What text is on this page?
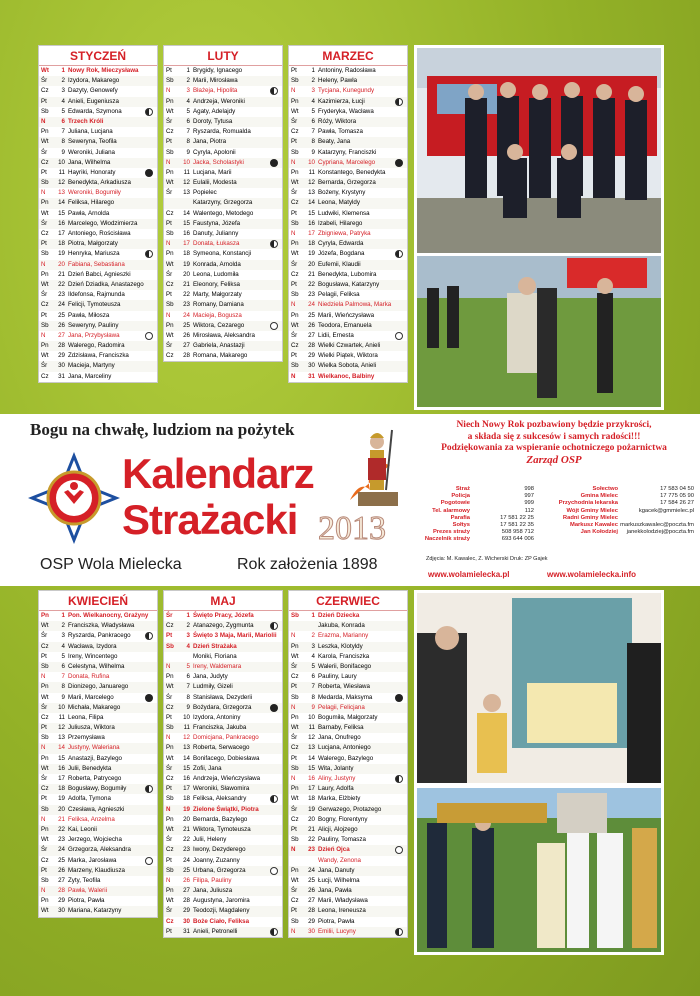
STYCZEŃ
Wt 1 Nowy Rok, Mieczysława
Śr 2 Izydora, Makarego
Cz 3 Dazyty, Genowefy
Pt 4 Anieli, Eugeniusza
Sb 5 Edwarda, Szymona
N	6 Trzech Króli
Pn 7 Juliana, Lucjana
Wt 8 Seweryna, Teofila
Śr 9 Weroniki, Juliana
Cz 10 Jana, Wilhelma
Pt 11 Hayriki, Honoraty
Sb 12 Benedykta, Arkadiusza
N 13 Weroniki, Bogumiły
Pn 14 Feliksa, Hilarego
Wt 15 Pawła, Arnolda
Śr 16 Marcelego, Włodzimierza
Cz 17 Antoniego, Rościsława
Pt 18 Piotra, Małgorzaty
Sb 19 Henryka, Mariusza
N 20 Fabiana, Sebastiana
Pn 21 Dzień Babci, Agnieszki
Wt 22 Dzień Dziadka, Anastazego
Śr 23 Ildefonsa, Rajmunda
Cz 24 Felicji, Tymoteusza
Pt 25 Pawła, Miłosza
Sb 26 Seweryny, Pauliny
N 27 Jana, Przybysława
Pn 28 Walerego, Radomira
Wt 29 Zdzisława, Franciszka
Śr 30 Macieja, Martyny
Cz 31 Jana, Marceliny
LUTY
Pt 1 Brygidy, Ignacego
Sb 2 Marii, Mirosława
N	3 Błażeja, Hipolita
Pn 4 Andrzeja, Weroniki
Wt 5 Agaty, Adelajdy
Śr 6 Doroty, Tytusa
Cz 7 Ryszarda, Romualda
Pt 8 Jana, Piotra
Sb 9 Cyryla, Apolonii
N 10 Jacka, Scholastyki
Pn 11 Lucjana, Marii
Wt 12 Eulalii, Modesta
Śr 13 Popielec
Katarzyny, Grzegorza
Cz 14 Walentego, Metodego
Pt 15 Faustyna, Józefa
Sb 16 Danuty, Julianny
N 17 Donata, Łukasza
Pn 18 Symeona, Konstancji
Wt 19 Konrada, Arnolda
Śr 20 Leona, Ludomiła
Cz 21 Eleonory, Feliksa
Pt 22 Marty, Małgorzaty
Sb 23 Romany, Damiana
N 24 Macieja, Bogusza
Pn 25 Wiktora, Cezarego
Wt 26 Mirosława, Aleksandra
Śr 27 Gabriela, Anastazji
Cz 28 Romana, Makarego
MARZEC
Pt 1 Antoniny, Radosława
Sb 2 Heleny, Pawła
N	3 Tycjana, Kunegundy
Pn 4 Kazimierza, Łucji
Wt 5 Fryderyka, Wacława
Śr 6 Róży, Wiktora
Cz 7 Pawła, Tomasza
Pt 8 Beaty, Jana
Sb 9 Katarzyny, Franciszki
N 10 Cypriana, Marcelego
Pn 11 Konstantego, Benedykta
Wt 12 Bernarda, Grzegorza
Śr 13 Bożeny, Krystyny
Cz 14 Leona, Matyldy
Pt 15 Ludwiki, Klemensa
Sb 16 Izabeli, Hilarego
N 17 Zbigniewa, Patryka
Pn 18 Cyryla, Edwarda
Wt 19 Józefa, Bogdana
Śr 20 Eufemii, Klaudii
Cz 21 Benedykta, Lubomira
Pt 22 Bogusława, Katarzyny
Sb 23 Pelagii, Feliksa
N 24 Niedziela Palmowa, Marka
Pn 25 Marii, Wieńczysława
Wt 26 Teodora, Emanuela
Śr 27 Lidii, Ernesta
Cz 28 Wielki Czwartek, Anieli
Pt 29 Wielki Piątek, Wiktora
Sb 30 Wielka Sobota, Anieli
N 31 Wielkanoc, Balbiny
KWIECIEŃ
Pn 1 Pon. Wielkanocny, Grażyny
Wt 2 Franciszka, Władysława
Śr 3 Ryszarda, Pankracego
Cz 4 Wacława, Izydora
Pt 5 Ireny, Wincentego
Sb 6 Celestyna, Wilhelma
N	7 Donata, Rufina
Pn 8 Dionizego, Januarego
Wt 9 Marii, Marcelego
Śr 10 Michała, Makarego
Cz 11 Leona, Filipa
Pt 12 Juliusza, Wiktora
Sb 13 Przemysława
N 14 Justyny, Waleriana
Pn 15 Anastazji, Bazylego
Wt 16 Julii, Benedykta
Śr 17 Roberta, Patrycego
Cz 18 Bogusławy, Bogumiły
Pt 19 Adolfa, Tymona
Sb 20 Czesława, Agnieszki
N 21 Feliksa, Anzelma
Pn 22 Kai, Leonii
Wt 23 Jerzego, Wojciecha
Śr 24 Grzegorza, Aleksandra
Cz 25 Marka, Jarosława
Pt 26 Marzeny, Klaudiusza
Sb 27 Zyty, Teofila
N 28 Pawła, Walerii
Pn 29 Piotra, Pawła
Wt 30 Mariana, Katarzyny
MAJ
Śr 1 Święto Pracy, Józefa
Cz 2 Atanazego, Zygmunta
Pt 3 Święto 3 Maja, Marii, Mariolii
Sb 4 Dzień Strażaka
Moniki, Floriana
N	5 Ireny, Waldemara
Pn 6 Jana, Judyty
Wt 7 Ludmiły, Gizeli
Śr 8 Stanisława, Dezyderii
Cz 9 Bożydara, Grzegorza
Pt 10 Izydora, Antoniny
Sb 11 Franciszka, Jakuba
N 12 Domicjana, Pankracego
Pn 13 Roberta, Serwacego
Wt 14 Bonifacego, Dobiesława
Śr 15 Zofii, Jana
Cz 16 Andrzeja, Wieńczysława
Pt 17 Weroniki, Sławomira
Sb 18 Feliksa, Aleksandry
N 19 Zielone Świątki, Piotra
Pn 20 Bernarda, Bazylego
Wt 21 Wiktora, Tymoteusza
Śr 22 Julii, Heleny
Cz 23 Iwony, Dezyderego
Pt 24 Joanny, Zuzanny
Sb 25 Urbana, Grzegorza
N 26 Filipa, Pauliny
Pn 27 Jana, Juliusza
Wt 28 Augustyna, Jaromira
Śr 29 Teodozji, Magdaleny
Cz 30 Boże Ciało, Feliksa
Pt 31 Anieli, Petronelli
CZERWIEC
Sb 1 Dzień Dziecka
Jakuba, Konrada
N	2 Erazma, Marianny
Pn 3 Leszka, Klotyldy
Wt 4 Karola, Franciszka
Śr 5 Walerii, Bonifacego
Cz 6 Pauliny, Laury
Pt 7 Roberta, Wiesława
Sb 8 Medarda, Maksyma
N	9 Pelagii, Felicjana
Pn 10 Bogumiła, Małgorzaty
Wt 11 Barnaby, Feliksa
Śr 12 Jana, Onufrego
Cz 13 Lucjana, Antoniego
Pt 14 Walerego, Bazylego
Sb 15 Wita, Jolanty
N 16 Aliny, Justyny
Pn 17 Laury, Adolfa
Wt 18 Marka, Elżbiety
Śr 19 Gerwazego, Protazego
Cz 20 Bogny, Florentyny
Pt 21 Alicji, Alojzego
Sb 22 Pauliny, Tomasza
N 23 Dzień Ojca
Wandy, Zenona
Pn 24 Jana, Danuty
Wt 25 Łucji, Wilhelma
Śr 26 Jana, Pawła
Cz 27 Marii, Władysława
Pt 28 Leona, Ireneusza
Sb 29 Piotra, Pawła
N 30 Emilii, Lucyny
Bogu na chwałę, ludziom na pożytek
Kalendarz
Strażacki 2013
OSP Wola Mielecka	Rok założenia 1898
Niech Nowy Rok pozbawiony będzie przykrości,
a składa się z sukcesów i samych radości!!!
Podziękowania za wspieranie ochotniczego pożarnictwa
Zarząd OSP
Straż	998	Sołectwo	17 583 04 50
Policja	997	Gmina Mielec	17 775 05 90
Pogotowie	999	Przychodnia lekarska	17 584 26 27
Tel. alarmowy	112	Wójt Gminy Mielec	kgacek@gmmielec.pl
Parafia	17 581 22 25	Radni Gminy Mielec
Sołtys	17 581 22 35	Markusz Kawalec markuszkawalec@poczta.fm
Prezes straży	508 958 712	Jan Kołodziej	janekkolodziej@poczta.fm
Naczelnik straży	693 644 006
Zdjęcia: M. Kawalec, Z. Wicherski Druk: ZP Gajek
www.wolamielecka.pl	www.wolamielecka.info
